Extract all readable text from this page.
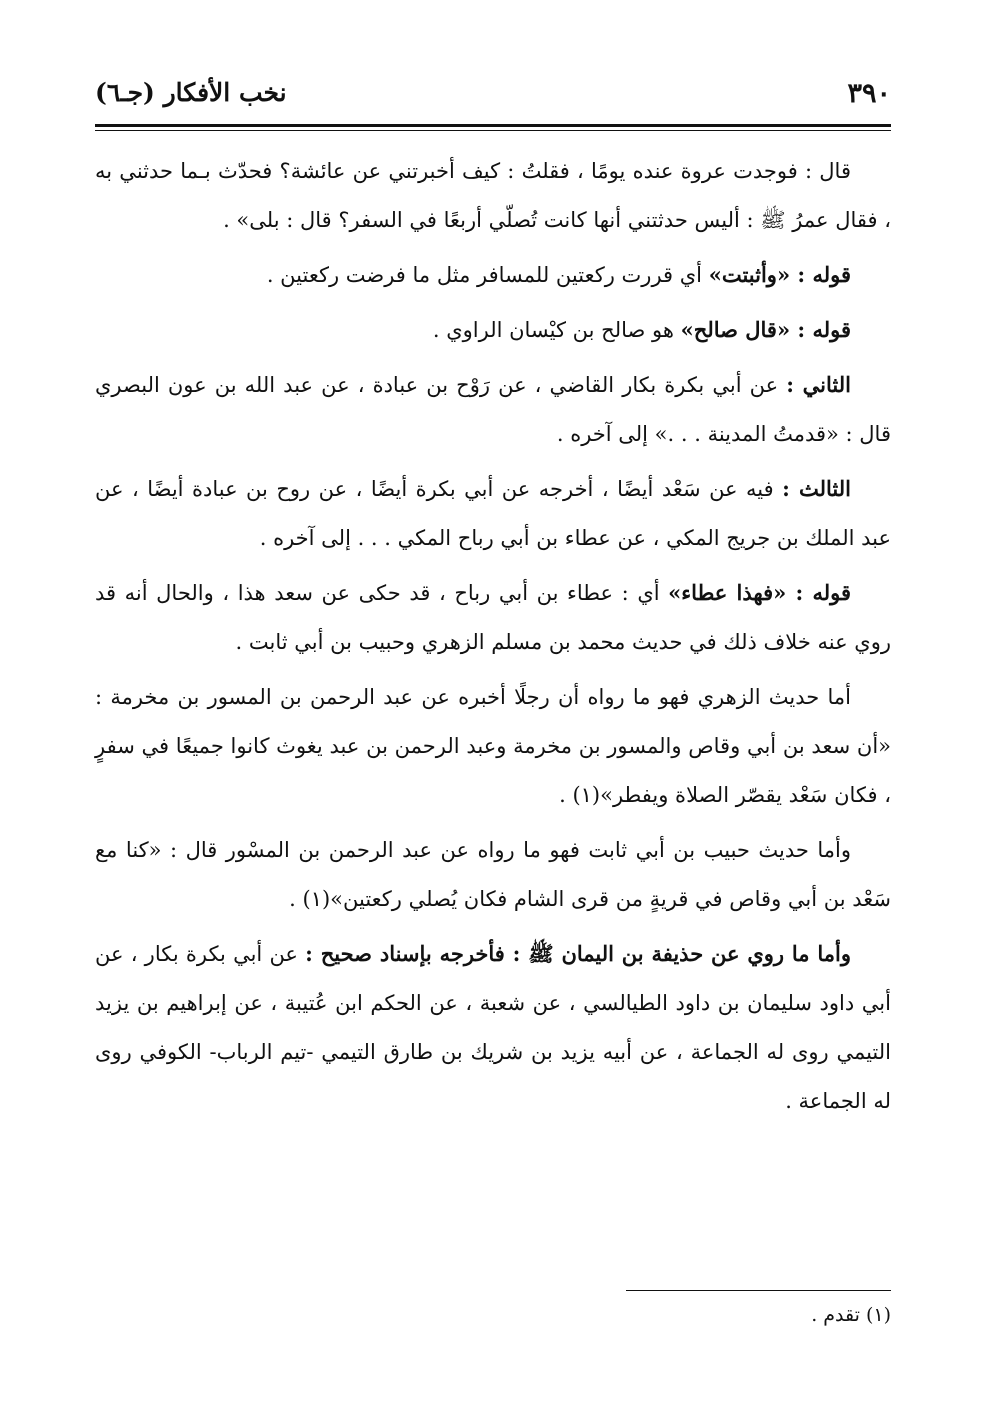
٣٩٠
نخب الأفكار (جـ٦)

قال : فوجدت عروة عنده يومًا ، فقلتُ : كيف أخبرتني عن عائشة؟ فحدّث بـما حدثني به ، فقال عمرُ ﷺ : أليس حدثتني أنها كانت تُصلّي أربعًا في السفر؟ قال : بلى» .

قوله : «وأثبتت» أي قررت ركعتين للمسافر مثل ما فرضت ركعتين .

قوله : «قال صالح» هو صالح بن كيْسان الراوي .

الثاني : عن أبي بكرة بكار القاضي ، عن رَوْح بن عبادة ، عن عبد الله بن عون البصري قال : «قدمتُ المدينة . . .» إلى آخره .

الثالث : فيه عن سَعْد أيضًا ، أخرجه عن أبي بكرة أيضًا ، عن روح بن عبادة أيضًا ، عن عبد الملك بن جريج المكي ، عن عطاء بن أبي رباح المكي . . . إلى آخره .

قوله : «فهذا عطاء» أي : عطاء بن أبي رباح ، قد حكى عن سعد هذا ، والحال أنه قد روي عنه خلاف ذلك في حديث محمد بن مسلم الزهري وحبيب بن أبي ثابت .

أما حديث الزهري فهو ما رواه أن رجلًا أخبره عن عبد الرحمن بن المسور بن مخرمة : «أن سعد بن أبي وقاص والمسور بن مخرمة وعبد الرحمن بن عبد يغوث كانوا جميعًا في سفرٍ ، فكان سَعْد يقصّر الصلاة ويفطر»(١) .

وأما حديث حبيب بن أبي ثابت فهو ما رواه عن عبد الرحمن بن المسْور قال : «كنا مع سَعْد بن أبي وقاص في قريةٍ من قرى الشام فكان يُصلي ركعتين»(١) .

وأما ما روي عن حذيفة بن اليمان ﷺ : فأخرجه بإسناد صحيح : عن أبي بكرة بكار ، عن أبي داود سليمان بن داود الطيالسي ، عن شعبة ، عن الحكم ابن عُتيبة ، عن إبراهيم بن يزيد التيمي روى له الجماعة ، عن أبيه يزيد بن شريك بن طارق التيمي -تيم الرباب- الكوفي روى له الجماعة .

(١) تقدم .
